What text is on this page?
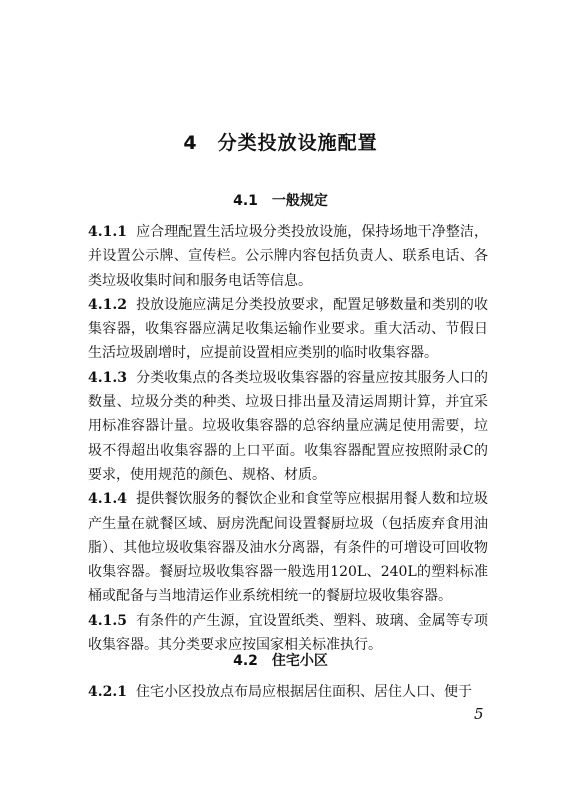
4 分类投放设施配置
4.1 一般规定

4.1.1 应合理配置生活垃圾分类投放设施，保持场地干净整洁，并设置公示牌、宣传栏。公示牌内容包括负责人、联系电话、各类垃圾收集时间和服务电话等信息。

4.1.2 投放设施应满足分类投放要求，配置足够数量和类别的收集容器，收集容器应满足收集运输作业要求。重大活动、节假日生活垃圾剧增时，应提前设置相应类别的临时收集容器。

4.1.3 分类收集点的各类垃圾收集容器的容量应按其服务人口的数量、垃圾分类的种类、垃圾日排出量及清运周期计算，并宜采用标准容器计量。垃圾收集容器的总容纳量应满足使用需要，垃圾不得超出收集容器的上口平面。收集容器配置应按照附录C的要求，使用规范的颜色、规格、材质。

4.1.4 提供餐饮服务的餐饮企业和食堂等应根据用餐人数和垃圾产生量在就餐区域、厨房洗配间设置餐厨垃圾（包括废弃食用油脂）、其他垃圾收集容器及油水分离器，有条件的可增设可回收物收集容器。餐厨垃圾收集容器一般选用120L、240L的塑料标准桶或配备与当地清运作业系统相统一的餐厨垃圾收集容器。

4.1.5 有条件的产生源，宜设置纸类、塑料、玻璃、金属等专项收集容器。其分类要求应按国家相关标准执行。

4.2 住宅小区

4.2.1 住宅小区投放点布局应根据居住面积、居住人口、便于

5
